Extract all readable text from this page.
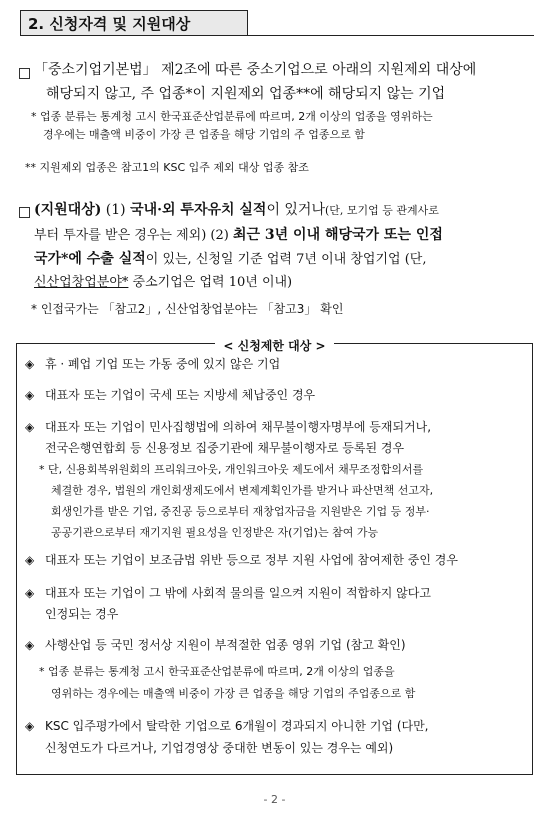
2. 신청자격 및 지원대상
「중소기업기본법」 제2조에 따른 중소기업으로 아래의 지원제외 대상에
해당되지 않고, 주 업종*이 지원제외 업종**에 해당되지 않는 기업
* 업종 분류는 통계청 고시 한국표준산업분류에 따르며, 2개 이상의 업종을 영위하는
경우에는 매출액 비중이 가장 큰 업종을 해당 기업의 주 업종으로 함
** 지원제외 업종은 참고1의 KSC 입주 제외 대상 업종 참조
(지원대상) (1) 국내·외 투자유치 실적이 있거나(단, 모기업 등 관계사로
부터 투자를 받은 경우는 제외) (2) 최근 3년 이내 해당국가 또는 인접
국가*에 수출 실적이 있는, 신청일 기준 업력 7년 이내 창업기업 (단,
신산업창업분야* 중소기업은 업력 10년 이내)
* 인접국가는 「참고2」, 신산업창업분야는 「참고3」 확인
< 신청제한 대상 >
◈ 휴 · 폐업 기업 또는 가동 중에 있지 않은 기업
◈ 대표자 또는 기업이 국세 또는 지방세 체납중인 경우
◈ 대표자 또는 기업이 민사집행법에 의하여 채무불이행자명부에 등재되거나,
전국은행연합회 등 신용정보 집중기관에 채무불이행자로 등록된 경우
* 단, 신용회복위원회의 프리워크아웃, 개인워크아웃 제도에서 채무조정합의서를
체결한 경우, 법원의 개인회생제도에서 변제계획인가를 받거나 파산면책 선고자,
회생인가를 받은 기업, 중진공 등으로부터 재창업자금을 지원받은 기업 등 정부·
공공기관으로부터 재기지원 필요성을 인정받은 자(기업)는 참여 가능
◈ 대표자 또는 기업이 보조금법 위반 등으로 정부 지원 사업에 참여제한 중인 경우
◈ 대표자 또는 기업이 그 밖에 사회적 물의를 일으켜 지원이 적합하지 않다고
인정되는 경우
◈ 사행산업 등 국민 정서상 지원이 부적절한 업종 영위 기업 (참고 확인)
* 업종 분류는 통계청 고시 한국표준산업분류에 따르며, 2개 이상의 업종을
영위하는 경우에는 매출액 비중이 가장 큰 업종을 해당 기업의 주업종으로 함
◈ KSC 입주평가에서 탈락한 기업으로 6개월이 경과되지 아니한 기업 (다만,
신청연도가 다르거나, 기업경영상 중대한 변동이 있는 경우는 예외)
- 2 -
